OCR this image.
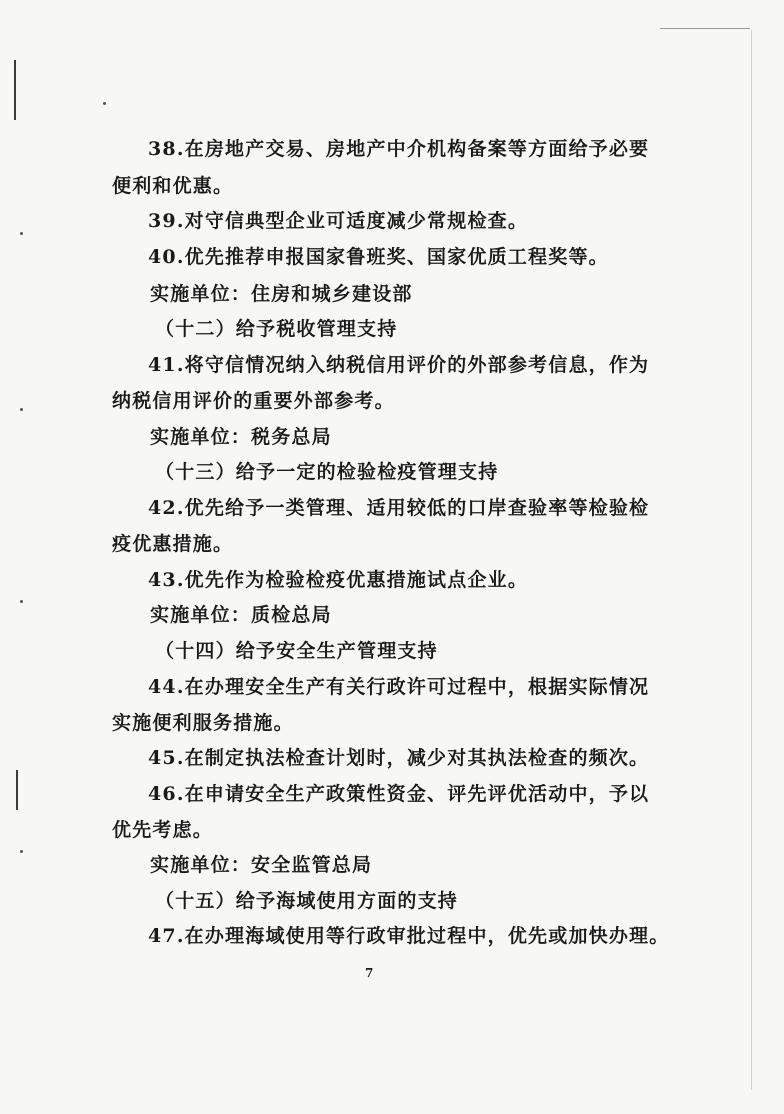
38.在房地产交易、房地产中介机构备案等方面给予必要
便利和优惠。
39.对守信典型企业可适度减少常规检查。
40.优先推荐申报国家鲁班奖、国家优质工程奖等。
实施单位：住房和城乡建设部
（十二）给予税收管理支持
41.将守信情况纳入纳税信用评价的外部参考信息，作为
纳税信用评价的重要外部参考。
实施单位：税务总局
（十三）给予一定的检验检疫管理支持
42.优先给予一类管理、适用较低的口岸查验率等检验检
疫优惠措施。
43.优先作为检验检疫优惠措施试点企业。
实施单位：质检总局
（十四）给予安全生产管理支持
44.在办理安全生产有关行政许可过程中，根据实际情况
实施便利服务措施。
45.在制定执法检查计划时，减少对其执法检查的频次。
46.在申请安全生产政策性资金、评先评优活动中，予以
优先考虑。
实施单位：安全监管总局
（十五）给予海域使用方面的支持
47.在办理海域使用等行政审批过程中，优先或加快办理。
7
